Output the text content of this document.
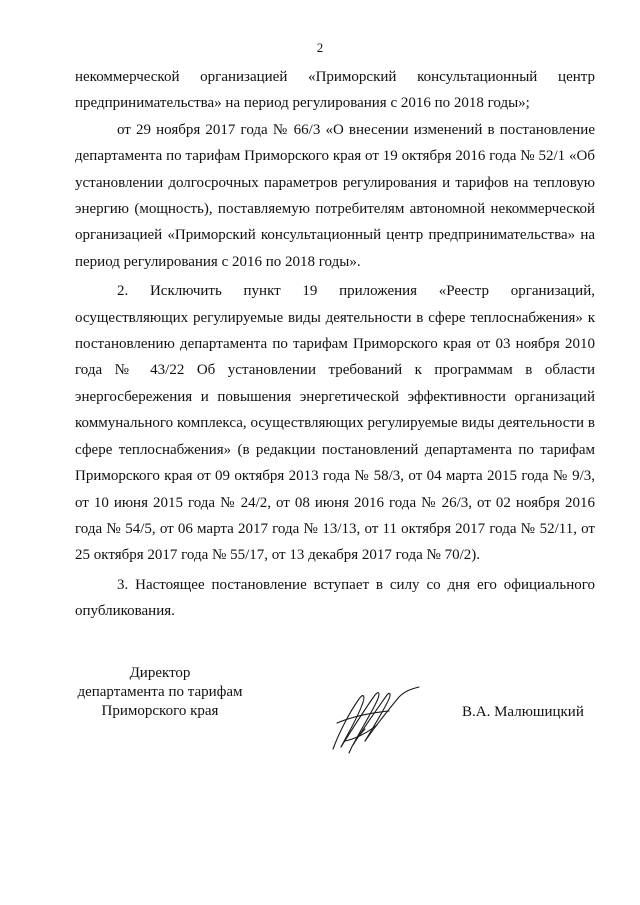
2

некоммерческой организацией «Приморский консультационный центр предпринимательства» на период регулирования с 2016 по 2018 годы»;

от 29 ноября 2017 года № 66/3 «О внесении изменений в постановление департамента по тарифам Приморского края от 19 октября 2016 года № 52/1 «Об установлении долгосрочных параметров регулирования и тарифов на тепловую энергию (мощность), поставляемую потребителям автономной некоммерческой организацией «Приморский консультационный центр предпринимательства» на период регулирования с 2016 по 2018 годы».

2. Исключить пункт 19 приложения «Реестр организаций, осуществляющих регулируемые виды деятельности в сфере теплоснабжения» к постановлению департамента по тарифам Приморского края от 03 ноября 2010 года № 43/22 Об установлении требований к программам в области энергосбережения и повышения энергетической эффективности организаций коммунального комплекса, осуществляющих регулируемые виды деятельности в сфере теплоснабжения» (в редакции постановлений департамента по тарифам Приморского края от 09 октября 2013 года № 58/3, от 04 марта 2015 года № 9/3, от 10 июня 2015 года № 24/2, от 08 июня 2016 года № 26/3, от 02 ноября 2016 года № 54/5, от 06 марта 2017 года № 13/13, от 11 октября 2017 года № 52/11, от 25 октября 2017 года № 55/17, от 13 декабря 2017 года № 70/2).

3. Настоящее постановление вступает в силу со дня его официального опубликования.

Директор
департамента по тарифам
Приморского края	В.А. Малюшицкий
